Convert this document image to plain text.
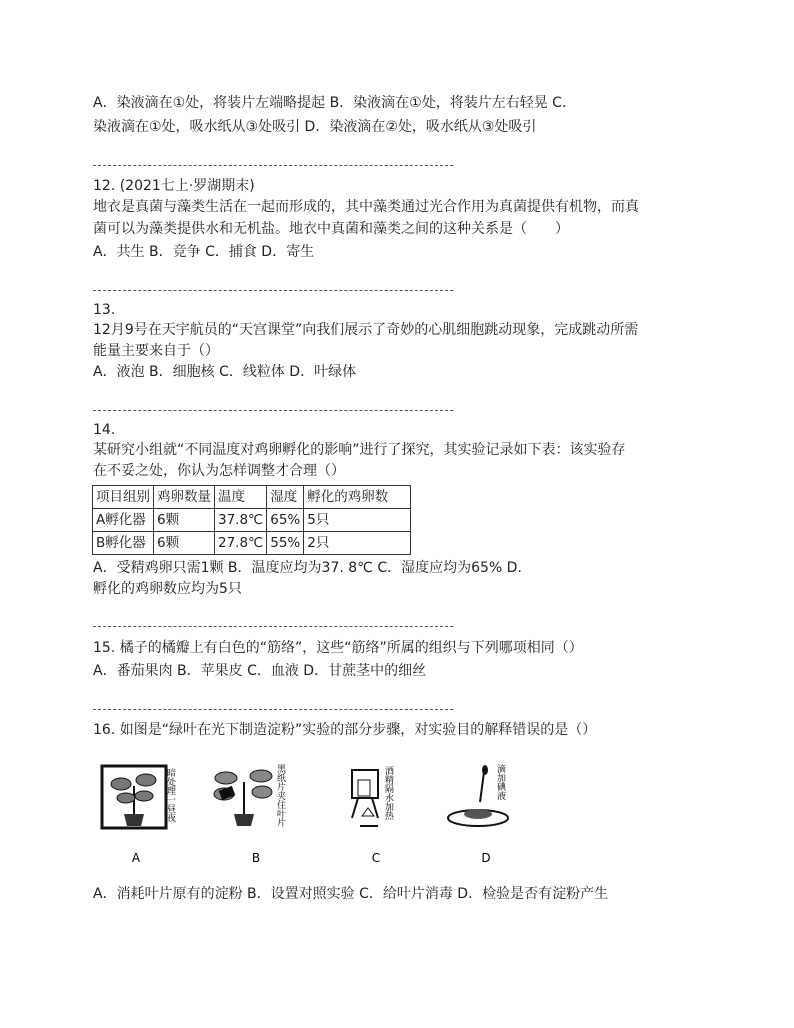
A．染液滴在①处，将装片左端略提起 B．染液滴在①处，将装片左右轻晃 C．
染液滴在①处，吸水纸从③处吸引 D．染液滴在②处，吸水纸从③处吸引
12. (2021七上·罗湖期末)
地衣是真菌与藻类生活在一起而形成的，其中藻类通过光合作用为真菌提供有机物，而真
菌可以为藻类提供水和无机盐。地衣中真菌和藻类之间的这种关系是（　　）
A．共生 B．竞争 C．捕食 D．寄生
13.
12月9号在天宇航员的“天宫课堂”向我们展示了奇妙的心肌细胞跳动现象，完成跳动所需
能量主要来自于（）
A．液泡 B．细胞核 C．线粒体 D．叶绿体
14.
某研究小组就“不同温度对鸡卵孵化的影响”进行了探究，其实验记录如下表：该实验存
在不妥之处，你认为怎样调整才合理（）
项目组别	鸡卵数量	温度	湿度	孵化的鸡卵数
A孵化器	6颗	37.8℃	65%	5只
B孵化器	6颗	27.8℃	55%	2只
A．受精鸡卵只需1颗 B．温度应均为37. 8℃ C．湿度应均为65% D．
孵化的鸡卵数应均为5只
15. 橘子的橘瓣上有白色的“筋络”，这些“筋络”所属的组织与下列哪项相同（）
A．番茄果肉 B．苹果皮 C．血液 D．甘蔗茎中的细丝
16. 如图是“绿叶在光下制造淀粉”实验的部分步骤，对实验目的解释错误的是（）
暗处理一昼夜	黑纸片夹住叶片	酒精隔水加热	滴加碘液
A	B	C	D
A．消耗叶片原有的淀粉 B．设置对照实验 C．给叶片消毒 D．检验是否有淀粉产生
